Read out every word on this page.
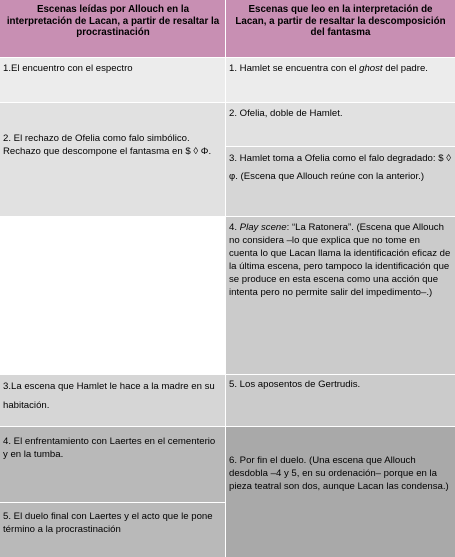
Escenas leídas por Allouch en la interpretación de Lacan, a partir de resaltar la procrastinación
Escenas que leo en la interpretación de Lacan, a partir de resaltar la descomposición del fantasma
1.El encuentro con el espectro
2. El rechazo de Ofelia como falo simbólico. Rechazo que descompone el fantasma en $ ◊ Φ.
3.La escena que Hamlet le hace a la madre en su habitación.
4. El enfrentamiento con Laertes en el cementerio y en la tumba.
5. El duelo final con Laertes y el acto que le pone término a la procrastinación
1. Hamlet se encuentra con el ghost del padre.
2. Ofelia, doble de Hamlet.
3. Hamlet toma a Ofelia como el falo degradado: $ ◊ φ. (Escena que Allouch reúne con la anterior.)
4. Play scene: “La Ratonera”. (Escena que Allouch no considera –lo que explica que no tome en cuenta lo que Lacan llama la identificación eficaz de la última escena, pero tampoco la identificación que se produce en esta escena como una acción que intenta pero no permite salir del impedimento–.)
5. Los aposentos de Gertrudis.
6. Por fin el duelo. (Una escena que Allouch desdobla –4 y 5, en su ordenación– porque en la pieza teatral son dos, aunque Lacan las condensa.)
